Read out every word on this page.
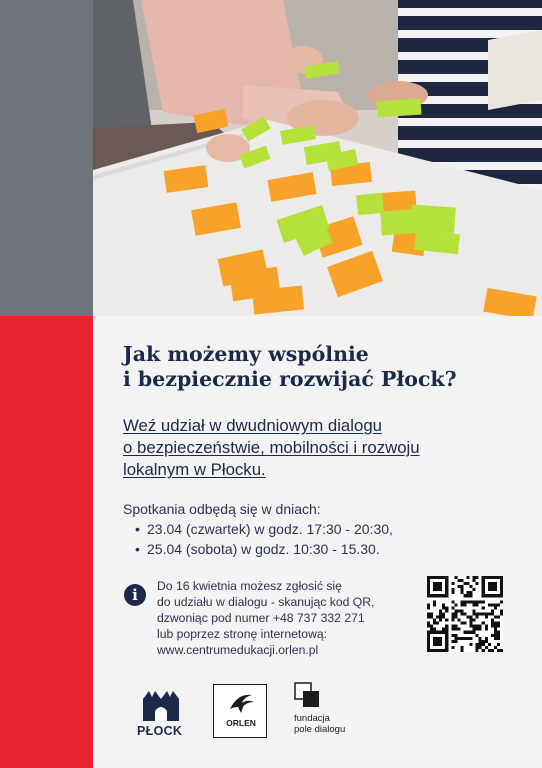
Jak możemy wspólnie
i bezpiecznie rozwijać Płock?
Weź udział w dwudniowym dialogu
o bezpieczeństwie, mobilności i rozwoju
lokalnym w Płocku.
Spotkania odbędą się w dniach:
• 23.04 (czwartek) w godz. 17:30 - 20:30,
• 25.04 (sobota) w godz. 10:30 - 15.30.
i	Do 16 kwietnia możesz zgłosić się
do udziału w dialogu - skanując kod QR,
dzwoniąc pod numer +48 737 332 271
lub poprzez stronę internetową:
www.centrumedukacji.orlen.pl
PŁOCK
ORLEN	fundacja
pole dialogu
